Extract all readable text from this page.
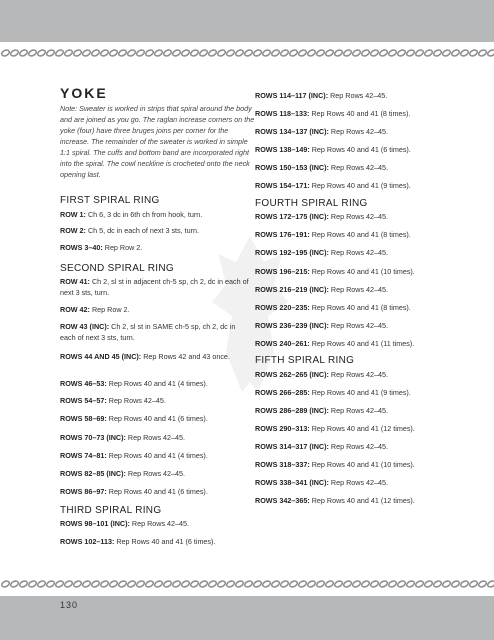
YOKE
Note: Sweater is worked in strips that spiral around the body and are joined as you go. The raglan increase corners on the yoke (four) have three bruges joins per corner for the increase. The remainder of the sweater is worked in simple 1:1 spiral. The cuffs and bottom band are incorporated right into the spiral. The cowl neckline is crocheted onto the neck opening last.
FIRST SPIRAL RING
ROW 1: Ch 6, 3 dc in 6th ch from hook, turn.
ROW 2: Ch 5, dc in each of next 3 sts, turn.
ROWS 3–40: Rep Row 2.
SECOND SPIRAL RING
ROW 41: Ch 2, sl st in adjacent ch-5 sp, ch 2, dc in each of next 3 sts, turn.
ROW 42: Rep Row 2.
ROW 43 (INC): Ch 2, sl st in SAME ch-5 sp, ch 2, dc in each of next 3 sts, turn.
ROWS 44 AND 45 (INC): Rep Rows 42 and 43 once.
ROWS 46–53: Rep Rows 40 and 41 (4 times).
ROWS 54–57: Rep Rows 42–45.
ROWS 58–69: Rep Rows 40 and 41 (6 times).
ROWS 70–73 (INC): Rep Rows 42–45.
ROWS 74–81: Rep Rows 40 and 41 (4 times).
ROWS 82–85 (INC): Rep Rows 42–45.
ROWS 86–97: Rep Rows 40 and 41 (6 times).
THIRD SPIRAL RING
ROWS 98–101 (INC): Rep Rows 42–45.
ROWS 102–113: Rep Rows 40 and 41 (6 times).
ROWS 114–117 (INC): Rep Rows 42–45.
ROWS 118–133: Rep Rows 40 and 41 (8 times).
ROWS 134–137 (INC): Rep Rows 42–45.
ROWS 138–149: Rep Rows 40 and 41 (6 times).
ROWS 150–153 (INC): Rep Rows 42–45.
ROWS 154–171: Rep Rows 40 and 41 (9 times).
FOURTH SPIRAL RING
ROWS 172–175 (INC): Rep Rows 42–45.
ROWS 176–191: Rep Rows 40 and 41 (8 times).
ROWS 192–195 (INC): Rep Rows 42–45.
ROWS 196–215: Rep Rows 40 and 41 (10 times).
ROWS 216–219 (INC): Rep Rows 42–45.
ROWS 220–235: Rep Rows 40 and 41 (8 times).
ROWS 236–239 (INC): Rep Rows 42–45.
ROWS 240–261: Rep Rows 40 and 41 (11 times).
FIFTH SPIRAL RING
ROWS 262–265 (INC): Rep Rows 42–45.
ROWS 266–285: Rep Rows 40 and 41 (9 times).
ROWS 286–289 (INC): Rep Rows 42–45.
ROWS 290–313: Rep Rows 40 and 41 (12 times).
ROWS 314–317 (INC): Rep Rows 42–45.
ROWS 318–337: Rep Rows 40 and 41 (10 times).
ROWS 338–341 (INC): Rep Rows 42–45.
ROWS 342–365: Rep Rows 40 and 41 (12 times).
130
